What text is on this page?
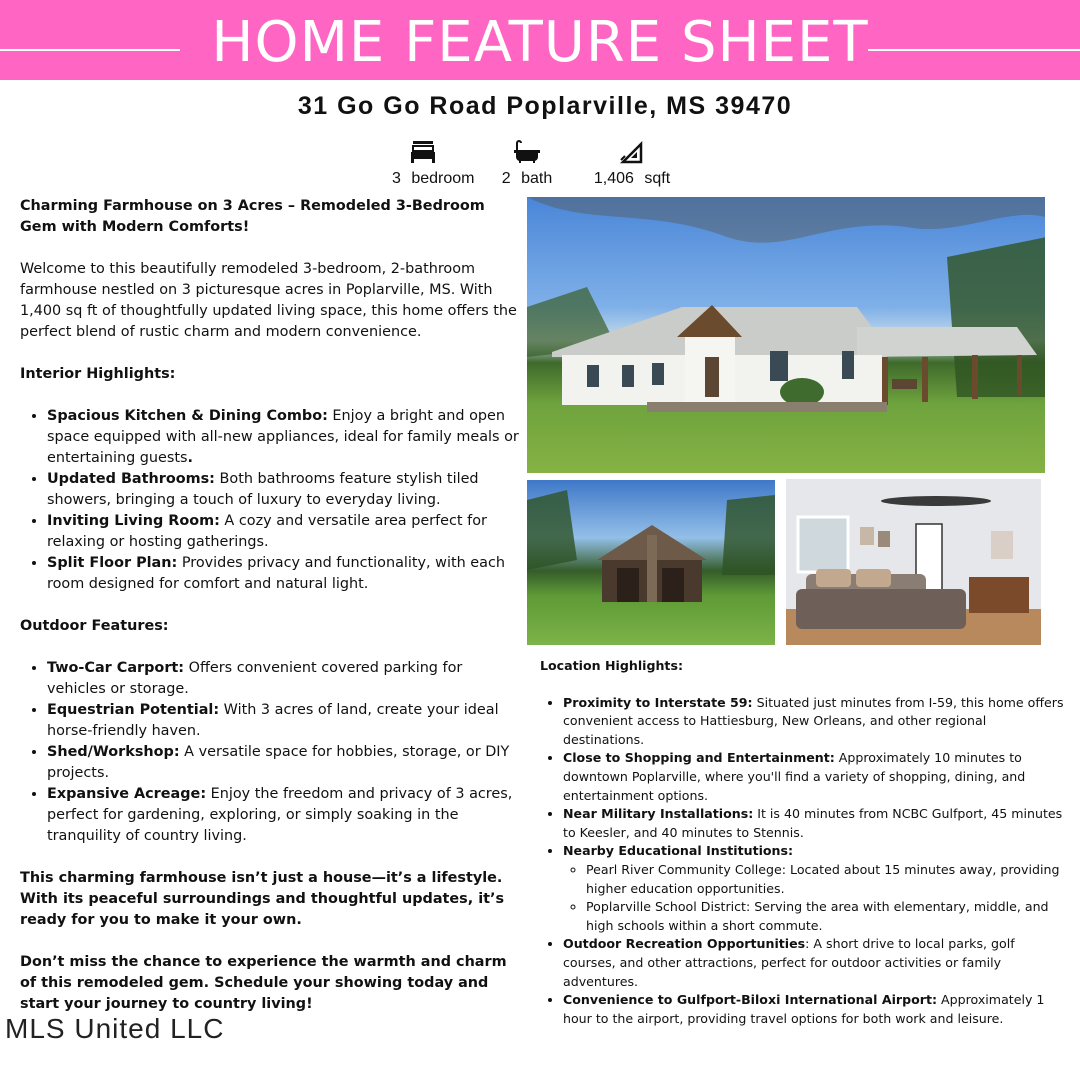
HOME FEATURE SHEET
31 Go Go Road Poplarville, MS 39470
3 bedroom 2 bath	1,406 sqft

Charming Farmhouse on 3 Acres – Remodeled 3-Bedroom Gem with Modern Comforts!

Welcome to this beautifully remodeled 3-bedroom, 2-bathroom farmhouse nestled on 3 picturesque acres in Poplarville, MS. With 1,400 sq ft of thoughtfully updated living space, this home offers the perfect blend of rustic charm and modern convenience.

Interior Highlights:

• Spacious Kitchen & Dining Combo: Enjoy a bright and open space equipped with all-new appliances, ideal for family meals or entertaining guests.
• Updated Bathrooms: Both bathrooms feature stylish tiled showers, bringing a touch of luxury to everyday living.
• Inviting Living Room: A cozy and versatile area perfect for relaxing or hosting gatherings.
• Split Floor Plan: Provides privacy and functionality, with each room designed for comfort and natural light.

Outdoor Features:

• Two-Car Carport: Offers convenient covered parking for vehicles or storage.
• Equestrian Potential: With 3 acres of land, create your ideal horse-friendly haven.
• Shed/Workshop: A versatile space for hobbies, storage, or DIY projects.
• Expansive Acreage: Enjoy the freedom and privacy of 3 acres, perfect for gardening, exploring, or simply soaking in the tranquility of country living.

This charming farmhouse isn’t just a house—it’s a lifestyle. With its peaceful surroundings and thoughtful updates, it’s ready for you to make it your own.

Don’t miss the chance to experience the warmth and charm of this remodeled gem. Schedule your showing today and start your journey to country living!

Location Highlights:
• Proximity to Interstate 59: Situated just minutes from I-59, this home offers convenient access to Hattiesburg, New Orleans, and other regional destinations.
• Close to Shopping and Entertainment: Approximately 10 minutes to downtown Poplarville, where you'll find a variety of shopping, dining, and entertainment options.
• Near Military Installations: It is 40 minutes from NCBC Gulfport, 45 minutes to Keesler, and 40 minutes to Stennis.
• Nearby Educational Institutions:
◦ Pearl River Community College: Located about 15 minutes away, providing higher education opportunities.
◦ Poplarville School District: Serving the area with elementary, middle, and high schools within a short commute.
• Outdoor Recreation Opportunities: A short drive to local parks, golf courses, and other attractions, perfect for outdoor activities or family adventures.
• Convenience to Gulfport-Biloxi International Airport: Approximately 1 hour to the airport, providing travel options for both work and leisure.
MLS United LLC
